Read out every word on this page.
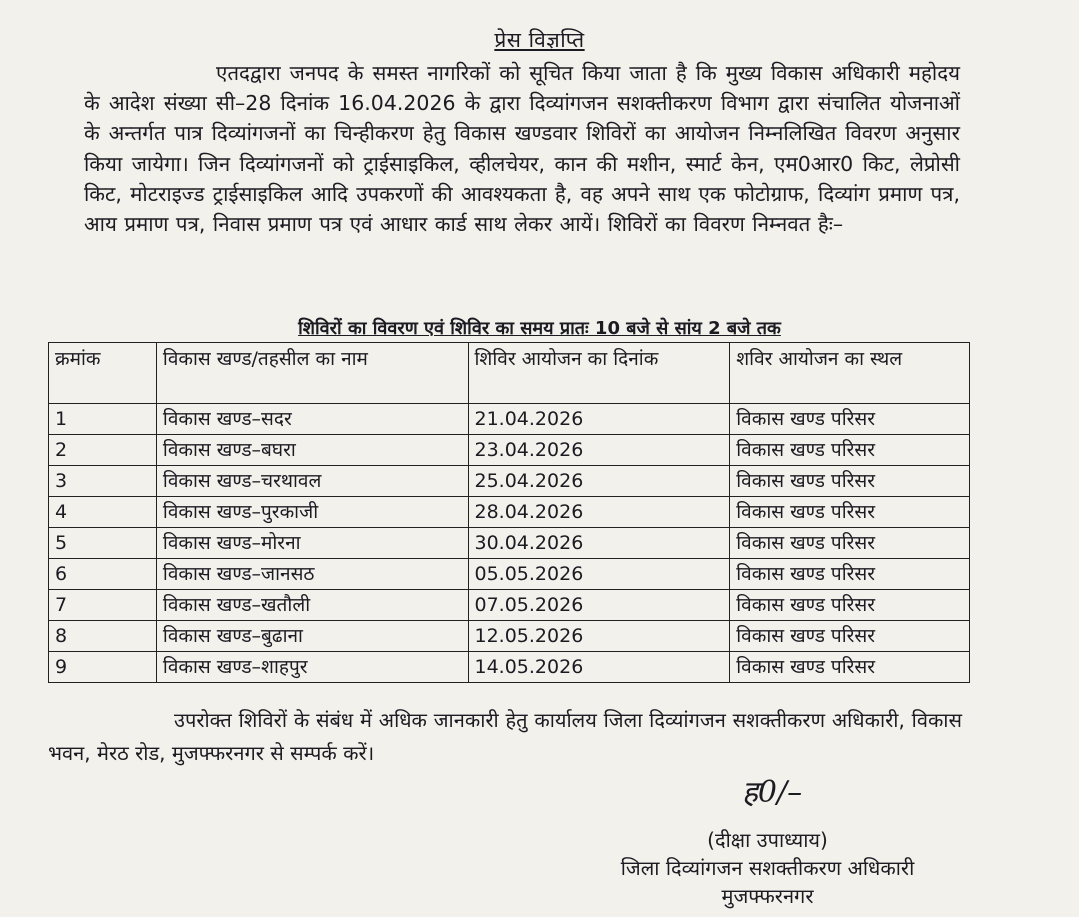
प्रेस विज्ञप्ति
एतदद्वारा जनपद के समस्त नागरिकों को सूचित किया जाता है कि मुख्य विकास अधिकारी महोदय के आदेश संख्या सी–28 दिनांक 16.04.2026 के द्वारा दिव्यांगजन सशक्तीकरण विभाग द्वारा संचालित योजनाओं के अन्तर्गत पात्र दिव्यांगजनों का चिन्हीकरण हेतु विकास खण्डवार शिविरों का आयोजन निम्नलिखित विवरण अनुसार किया जायेगा। जिन दिव्यांगजनों को ट्राईसाइकिल, व्हीलचेयर, कान की मशीन, स्मार्ट केन, एम0आर0 किट, लेप्रोसी किट, मोटराइज्ड ट्राईसाइकिल आदि उपकरणों की आवश्यकता है, वह अपने साथ एक फोटोग्राफ, दिव्यांग प्रमाण पत्र, आय प्रमाण पत्र, निवास प्रमाण पत्र एवं आधार कार्ड साथ लेकर आयें। शिविरों का विवरण निम्नवत हैः–
शिविरों का विवरण एवं शिविर का समय प्रातः 10 बजे से सांय 2 बजे तक
क्रमांक	विकास खण्ड/तहसील का नाम	शिविर आयोजन का दिनांक	शविर आयोजन का स्थल
1	विकास खण्ड–सदर	21.04.2026	विकास खण्ड परिसर
2	विकास खण्ड–बघरा	23.04.2026	विकास खण्ड परिसर
3	विकास खण्ड–चरथावल	25.04.2026	विकास खण्ड परिसर
4	विकास खण्ड–पुरकाजी	28.04.2026	विकास खण्ड परिसर
5	विकास खण्ड–मोरना	30.04.2026	विकास खण्ड परिसर
6	विकास खण्ड–जानसठ	05.05.2026	विकास खण्ड परिसर
7	विकास खण्ड–खतौली	07.05.2026	विकास खण्ड परिसर
8	विकास खण्ड–बुढाना	12.05.2026	विकास खण्ड परिसर
9	विकास खण्ड–शाहपुर	14.05.2026	विकास खण्ड परिसर
उपरोक्त शिविरों के संबंध में अधिक जानकारी हेतु कार्यालय जिला दिव्यांगजन सशक्तीकरण अधिकारी, विकास भवन, मेरठ रोड, मुजफ्फरनगर से सम्पर्क करें।
ह0/–
(दीक्षा उपाध्याय)
जिला दिव्यांगजन सशक्तीकरण अधिकारी
मुजफ्फरनगर
